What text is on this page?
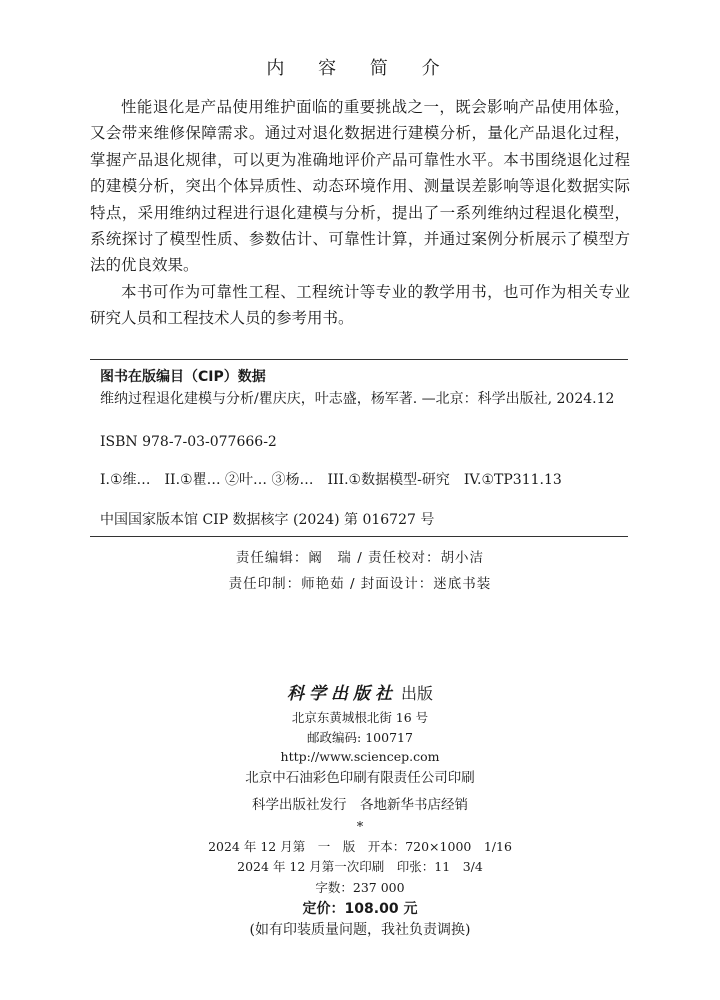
内 容 简 介

性能退化是产品使用维护面临的重要挑战之一，既会影响产品使用体验，又会带来维修保障需求。通过对退化数据进行建模分析，量化产品退化过程，掌握产品退化规律，可以更为准确地评价产品可靠性水平。本书围绕退化过程的建模分析，突出个体异质性、动态环境作用、测量误差影响等退化数据实际特点，采用维纳过程进行退化建模与分析，提出了一系列维纳过程退化模型，系统探讨了模型性质、参数估计、可靠性计算，并通过案例分析展示了模型方法的优良效果。

本书可作为可靠性工程、工程统计等专业的教学用书，也可作为相关专业研究人员和工程技术人员的参考用书。

图书在版编目（CIP）数据
维纳过程退化建模与分析/瞿庆庆，叶志盛，杨军著. —北京：科学出版社, 2024.12
ISBN 978-7-03-077666-2
I.①维… II.①瞿… ②叶… ③杨… III.①数据模型-研究 IV.①TP311.13
中国国家版本馆 CIP 数据核字 (2024) 第 016727 号
责任编辑：阚　瑞 / 责任校对：胡小洁
责任印制：师艳茹 / 封面设计：迷底书装
科学出版社 出版
北京东黄城根北街 16 号
邮政编码: 100717
http://www.sciencep.com
北京中石油彩色印刷有限责任公司印刷
科学出版社发行　各地新华书店经销
*
2024 年 12 月第　一　版　开本：720×1000　1/16
2024 年 12 月第一次印刷　印张：11　3/4
字数：237 000
定价：108.00 元
(如有印装质量问题，我社负责调换)
